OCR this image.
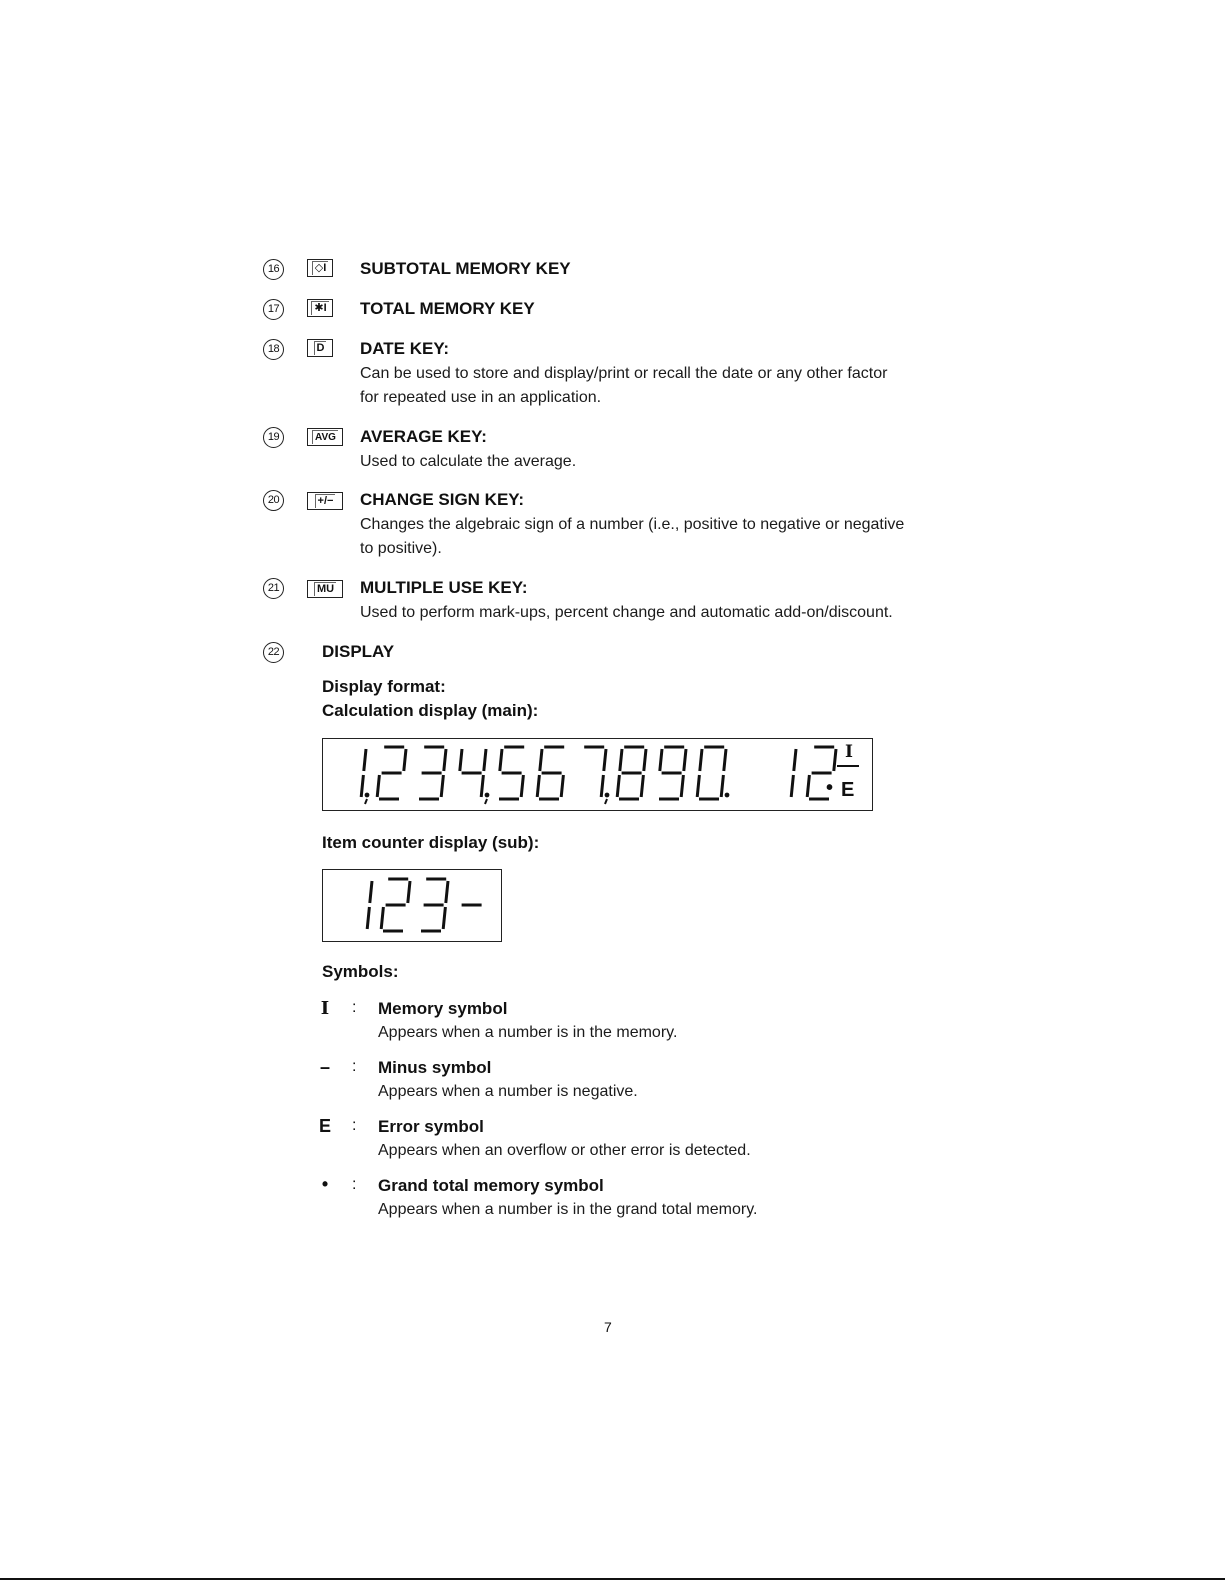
16	◇I	SUBTOTAL MEMORY KEY
17	✱I	TOTAL MEMORY KEY
18	D	DATE KEY:
Can be used to store and display/print or recall the date or any other factor
for repeated use in an application.
19	AVG	AVERAGE KEY:
Used to calculate the average.
20	+/−	CHANGE SIGN KEY:
Changes the algebraic sign of a number (i.e., positive to negative or negative
to positive).
21	MU	MULTIPLE USE KEY:
Used to perform mark-ups, percent change and automatic add-on/discount.
22	DISPLAY
Display format:
Calculation display (main):
I
• E
Item counter display (sub):
Symbols:
I	: Memory symbol
Appears when a number is in the memory.
–	: Minus symbol
Appears when a number is negative.
E : Error symbol
Appears when an overflow or other error is detected.
•	: Grand total memory symbol
Appears when a number is in the grand total memory.
7
